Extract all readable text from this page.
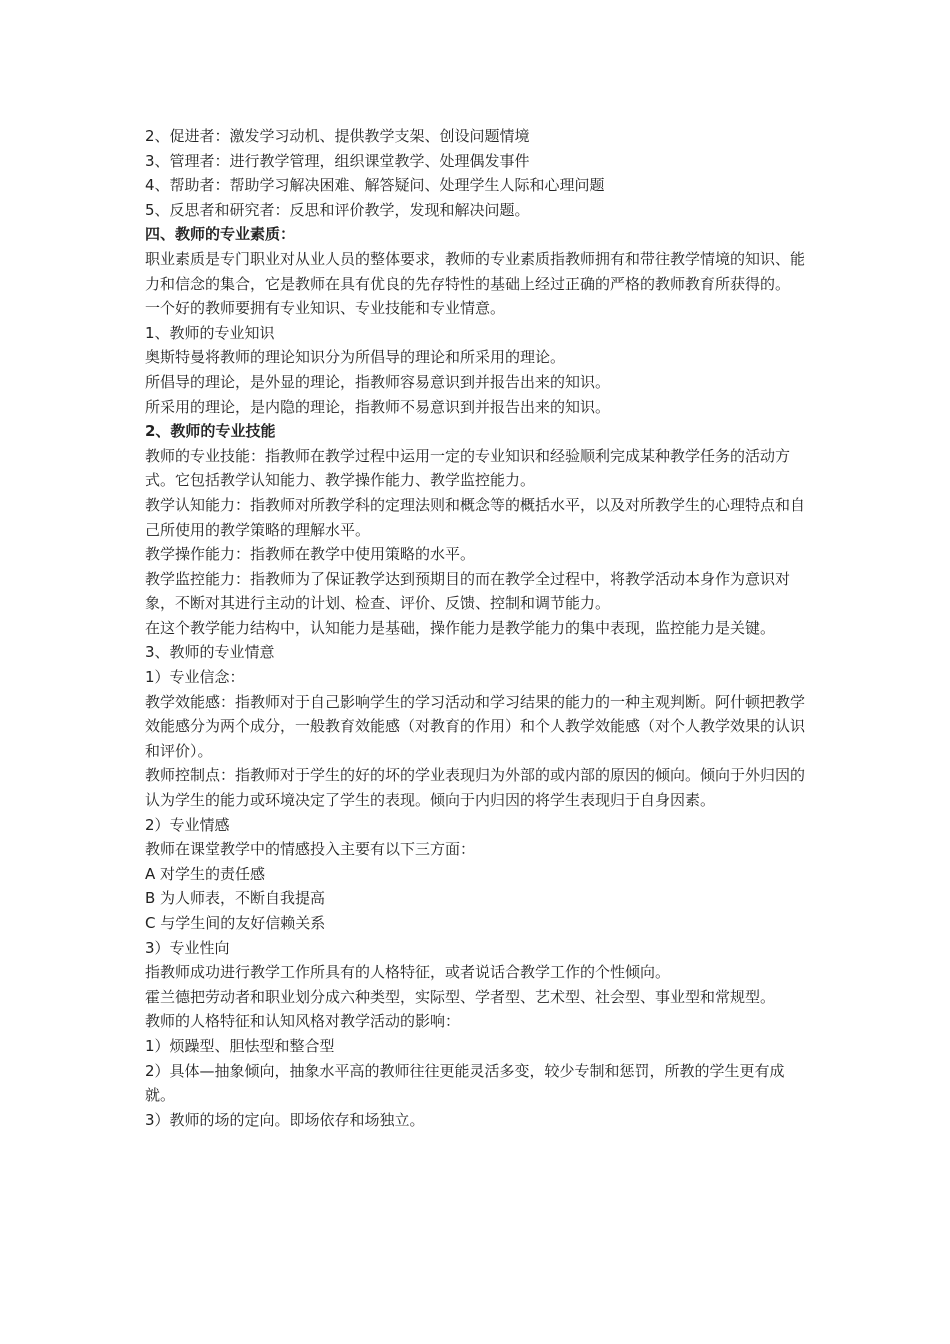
2、促进者：激发学习动机、提供教学支架、创设问题情境

3、管理者：进行教学管理，组织课堂教学、处理偶发事件

4、帮助者：帮助学习解决困难、解答疑问、处理学生人际和心理问题

5、反思者和研究者：反思和评价教学，发现和解决问题。

四、教师的专业素质：

职业素质是专门职业对从业人员的整体要求，教师的专业素质指教师拥有和带往教学情境的知识、能力和信念的集合，它是教师在具有优良的先存特性的基础上经过正确的严格的教师教育所获得的。

一个好的教师要拥有专业知识、专业技能和专业情意。

1、教师的专业知识

奥斯特曼将教师的理论知识分为所倡导的理论和所采用的理论。

所倡导的理论，是外显的理论，指教师容易意识到并报告出来的知识。

所采用的理论，是内隐的理论，指教师不易意识到并报告出来的知识。

2、教师的专业技能

教师的专业技能：指教师在教学过程中运用一定的专业知识和经验顺利完成某种教学任务的活动方式。它包括教学认知能力、教学操作能力、教学监控能力。

教学认知能力：指教师对所教学科的定理法则和概念等的概括水平，以及对所教学生的心理特点和自己所使用的教学策略的理解水平。

教学操作能力：指教师在教学中使用策略的水平。

教学监控能力：指教师为了保证教学达到预期目的而在教学全过程中，将教学活动本身作为意识对象，不断对其进行主动的计划、检查、评价、反馈、控制和调节能力。

在这个教学能力结构中，认知能力是基础，操作能力是教学能力的集中表现，监控能力是关键。

3、教师的专业情意

1）专业信念：

教学效能感：指教师对于自己影响学生的学习活动和学习结果的能力的一种主观判断。阿什顿把教学效能感分为两个成分，一般教育效能感（对教育的作用）和个人教学效能感（对个人教学效果的认识和评价）。

教师控制点：指教师对于学生的好的坏的学业表现归为外部的或内部的原因的倾向。倾向于外归因的认为学生的能力或环境决定了学生的表现。倾向于内归因的将学生表现归于自身因素。

2）专业情感

教师在课堂教学中的情感投入主要有以下三方面：

A 对学生的责任感

B 为人师表，不断自我提高

C 与学生间的友好信赖关系

3）专业性向

指教师成功进行教学工作所具有的人格特征，或者说话合教学工作的个性倾向。

霍兰德把劳动者和职业划分成六种类型，实际型、学者型、艺术型、社会型、事业型和常规型。

教师的人格特征和认知风格对教学活动的影响：

1）烦躁型、胆怯型和整合型

2）具体—抽象倾向，抽象水平高的教师往往更能灵活多变，较少专制和惩罚，所教的学生更有成就。

3）教师的场的定向。即场依存和场独立。
